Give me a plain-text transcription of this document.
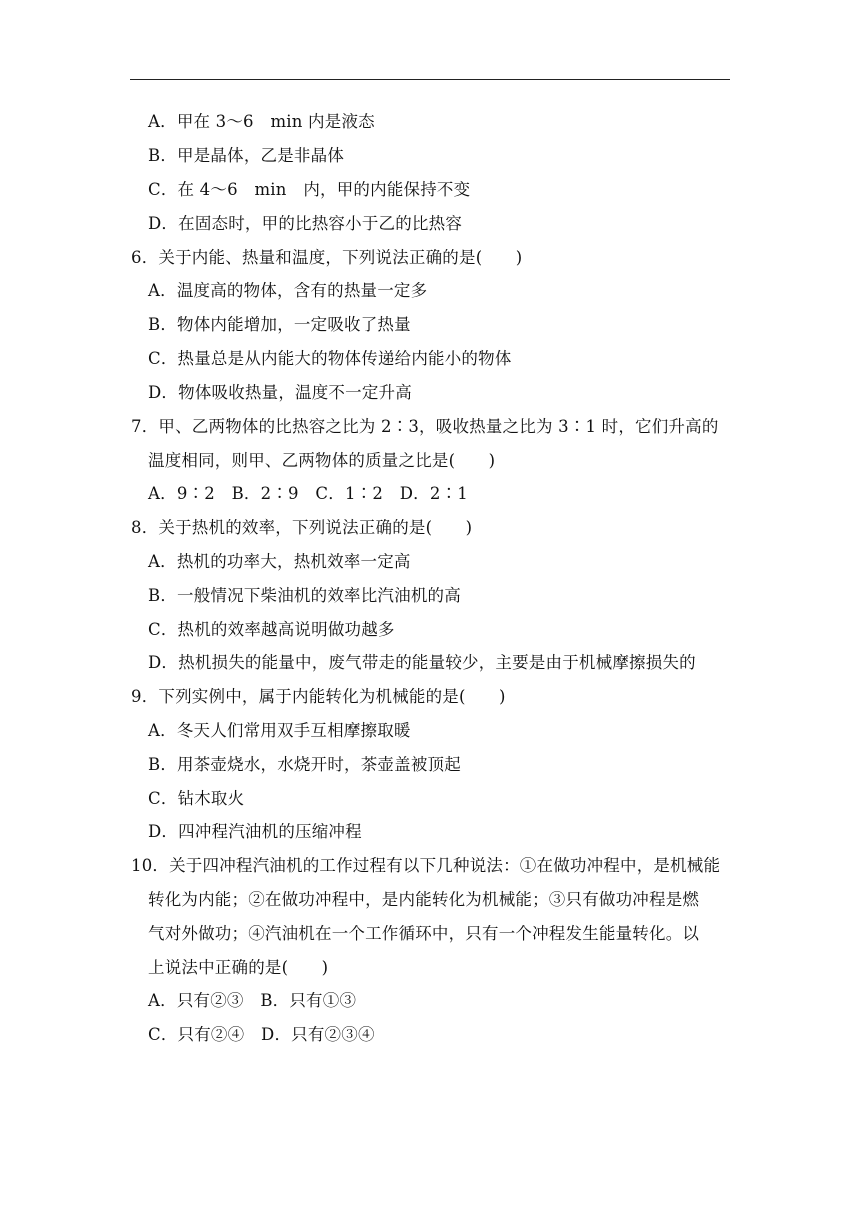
A．甲在 3～6　min 内是液态
B．甲是晶体，乙是非晶体
C．在 4～6　min　内，甲的内能保持不变
D．在固态时，甲的比热容小于乙的比热容
6．关于内能、热量和温度，下列说法正确的是(　　)
A．温度高的物体，含有的热量一定多
B．物体内能增加，一定吸收了热量
C．热量总是从内能大的物体传递给内能小的物体
D．物体吸收热量，温度不一定升高
7．甲、乙两物体的比热容之比为 2∶3，吸收热量之比为 3∶1 时，它们升高的
温度相同，则甲、乙两物体的质量之比是(　　)
A．9∶2　B．2∶9　C．1∶2　D．2∶1
8．关于热机的效率，下列说法正确的是(　　)
A．热机的功率大，热机效率一定高
B．一般情况下柴油机的效率比汽油机的高
C．热机的效率越高说明做功越多
D．热机损失的能量中，废气带走的能量较少，主要是由于机械摩擦损失的
9．下列实例中，属于内能转化为机械能的是(　　)
A．冬天人们常用双手互相摩擦取暖
B．用茶壶烧水，水烧开时，茶壶盖被顶起
C．钻木取火
D．四冲程汽油机的压缩冲程
10．关于四冲程汽油机的工作过程有以下几种说法：①在做功冲程中，是机械能
转化为内能；②在做功冲程中，是内能转化为机械能；③只有做功冲程是燃
气对外做功；④汽油机在一个工作循环中，只有一个冲程发生能量转化。以
上说法中正确的是(　　)
A．只有②③　B．只有①③
C．只有②④　D．只有②③④
